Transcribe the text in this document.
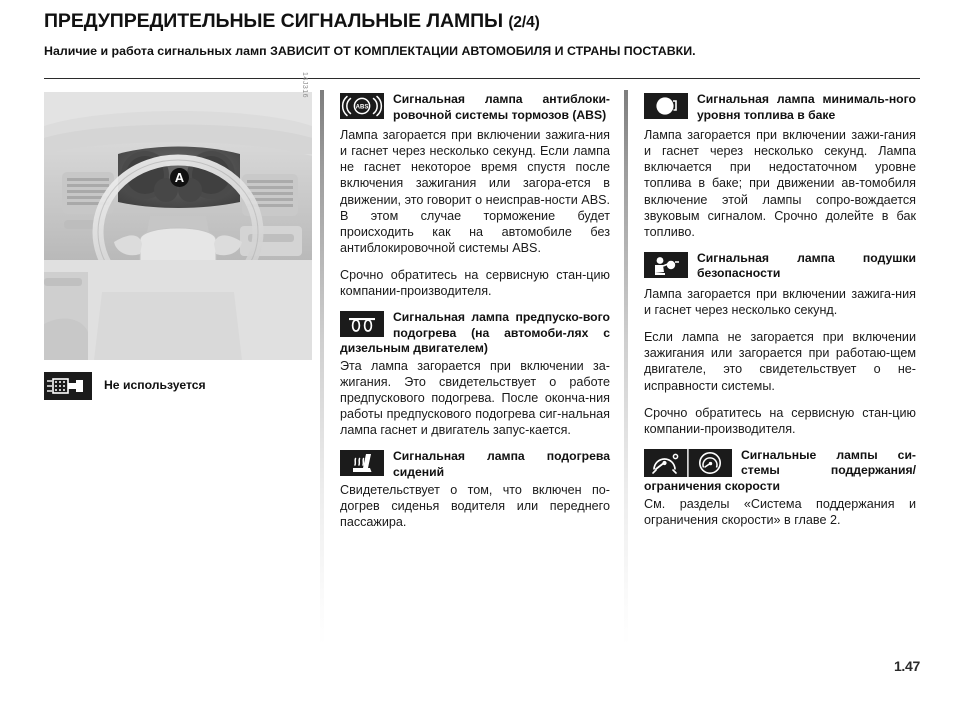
ПРЕДУПРЕДИТЕЛЬНЫЕ СИГНАЛЬНЫЕ ЛАМПЫ (2/4)
Наличие и работа сигнальных ламп ЗАВИСИТ ОТ КОМПЛЕКТАЦИИ АВТОМОБИЛЯ И СТРАНЫ ПОСТАВКИ.
14J316
A
Не используется
ABS
Сигнальная лампа антиблоки-ровочной системы тормозов (ABS)

Лампа загорается при включении зажига-ния и гаснет через несколько секунд. Если лампа не гаснет некоторое время спустя после включения зажигания или загора-ется в движении, это говорит о неисправ-ности ABS. В этом случае торможение будет происходить как на автомобиле без антиблокировочной системы ABS.

Срочно обратитесь на сервисную стан-цию компании-производителя.

Сигнальная лампа предпуско-вого подогрева (на автомоби-лях с дизельным двигателем)

Эта лампа загорается при включении за-жигания. Это свидетельствует о работе предпускового подогрева. После оконча-ния работы предпускового подогрева сиг-нальная лампа гаснет и двигатель запус-кается.

Сигнальная лампа подогрева сидений

Свидетельствует о том, что включен по-догрев сиденья водителя или переднего пассажира.

Сигнальная лампа минималь-ного уровня топлива в баке

Лампа загорается при включении зажи-гания и гаснет через несколько секунд. Лампа включается при недостаточном уровне топлива в баке; при движении ав-томобиля включение этой лампы сопро-вождается звуковым сигналом. Срочно долейте в бак топливо.

Сигнальная лампа подушки безопасности

Лампа загорается при включении зажига-ния и гаснет через несколько секунд.

Если лампа не загорается при включении зажигания или загорается при работаю-щем двигателе, это свидетельствует о не-исправности системы.

Срочно обратитесь на сервисную стан-цию компании-производителя.

Сигнальные лампы си-стемы поддержания/ограничения скорости

См. разделы «Система поддержания и ограничения скорости» в главе 2.

1.47
